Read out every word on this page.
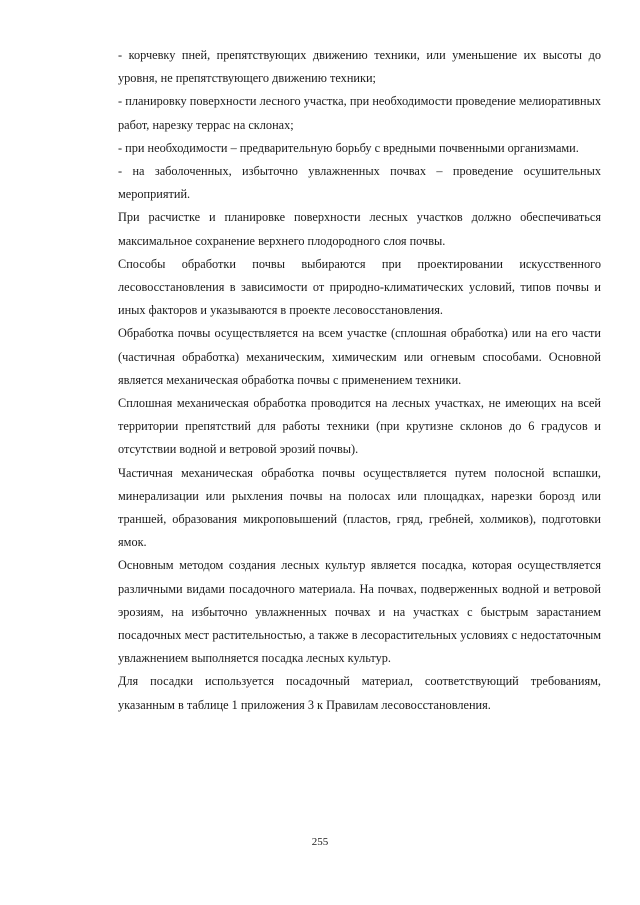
- корчевку пней, препятствующих движению техники, или уменьшение их высоты до уровня, не препятствующего движению техники;

- планировку поверхности лесного участка, при необходимости проведение мелиоративных работ, нарезку террас на склонах;

- при необходимости – предварительную борьбу с вредными почвенными организмами.

- на заболоченных, избыточно увлажненных почвах – проведение осушительных мероприятий.

При расчистке и планировке поверхности лесных участков должно обеспечиваться максимальное сохранение верхнего плодородного слоя почвы.

Способы обработки почвы выбираются при проектировании искусственного лесовосстановления в зависимости от природно-климатических условий, типов почвы и иных факторов и указываются в проекте лесовосстановления.

Обработка почвы осуществляется на всем участке (сплошная обработка) или на его части (частичная обработка) механическим, химическим или огневым способами. Основной является механическая обработка почвы с применением техники.

Сплошная механическая обработка проводится на лесных участках, не имеющих на всей территории препятствий для работы техники (при крутизне склонов до 6 градусов и отсутствии водной и ветровой эрозий почвы).

Частичная механическая обработка почвы осуществляется путем полосной вспашки, минерализации или рыхления почвы на полосах или площадках, нарезки борозд или траншей, образования микроповышений (пластов, гряд, гребней, холмиков), подготовки ямок.

Основным методом создания лесных культур является посадка, которая осуществляется различными видами посадочного материала. На почвах, подверженных водной и ветровой эрозиям, на избыточно увлажненных почвах и на участках с быстрым зарастанием посадочных мест растительностью, а также в лесорастительных условиях с недостаточным увлажнением выполняется посадка лесных культур.

Для посадки используется посадочный материал, соответствующий требованиям, указанным в таблице 1 приложения 3 к Правилам лесовосстановления.

255
